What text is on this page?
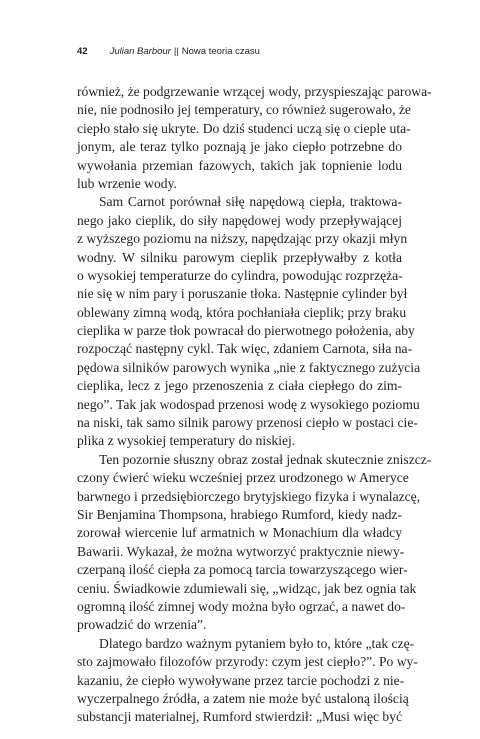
42 Julian Barbour || Nowa teoria czasu
również, że podgrzewanie wrzącej wody, przyspieszając parowa-
nie, nie podnosiło jej temperatury, co również sugerowało, że
ciepło stało się ukryte. Do dziś studenci uczą się o cieple uta-
jonym, ale teraz tylko poznają je jako ciepło potrzebne do
wywołania przemian fazowych, takich jak topnienie lodu
lub wrzenie wody.
Sam Carnot porównał siłę napędową ciepła, traktowa-
nego jako cieplik, do siły napędowej wody przepływającej
z wyższego poziomu na niższy, napędzając przy okazji młyn
wodny. W silniku parowym cieplik przepływałby z kotła
o wysokiej temperaturze do cylindra, powodując rozprzęża-
nie się w nim pary i poruszanie tłoka. Następnie cylinder był
oblewany zimną wodą, która pochłaniała cieplik; przy braku
cieplika w parze tłok powracał do pierwotnego położenia, aby
rozpocząć następny cykl. Tak więc, zdaniem Carnota, siła na-
pędowa silników parowych wynika „nie z faktycznego zużycia
cieplika, lecz z jego przenoszenia z ciała ciepłego do zim-
nego”. Tak jak wodospad przenosi wodę z wysokiego poziomu
na niski, tak samo silnik parowy przenosi ciepło w postaci cie-
plika z wysokiej temperatury do niskiej.
Ten pozornie słuszny obraz został jednak skutecznie zniszcz-
czony ćwierć wieku wcześniej przez urodzonego w Ameryce
barwnego i przedsiębiorczego brytyjskiego fizyka i wynalazcę,
Sir Benjamina Thompsona, hrabiego Rumford, kiedy nadz-
zorował wiercenie luf armatnich w Monachium dla władcy
Bawarii. Wykazał, że można wytworzyć praktycznie niewy-
czerpaną ilość ciepła za pomocą tarcia towarzyszącego wier-
ceniu. Świadkowie zdumiewali się, „widząc, jak bez ognia tak
ogromną ilość zimnej wody można było ogrzać, a nawet do-
prowadzić do wrzenia”.
Dlatego bardzo ważnym pytaniem było to, które „tak czę-
sto zajmowało filozofów przyrody: czym jest ciepło?”. Po wy-
kazaniu, że ciepło wywoływane przez tarcie pochodzi z nie-
wyczerpalnego źródła, a zatem nie może być ustaloną ilością
substancji materialnej, Rumford stwierdził: „Musi więc być
